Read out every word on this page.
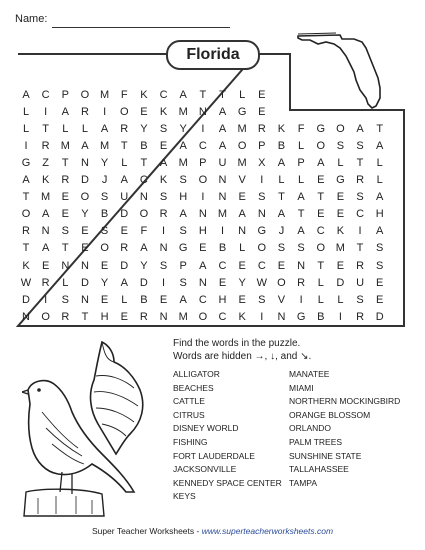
Name:
Florida
A	C	P	O M	F	K	C	A	T	T	L	E
L	I	A	R	I	O	E	K	M	N	A	G	E
L	T	L	L	A	R	Y	S	Y	I	A	M	R	K	F	G	O	A	T
I	R	M	A	M	T	B	E	A	C	A	O	P	B	L	O	S	S	A
G	Z	T	N	Y	L	T	A	M	P	U	M	X	A	P	A	L	T	L
A	K	R	D	J	A	C	K	S	O	N	V	I	L	L	E	G	R	L
T	M	E	O	S	U	N	S	H	I	N	E	S	T	A	T	E	S	A
O	A	E	Y	B	D	O	R	A	N	M	A	N	A	T	E	E	C	H
R	N	S	E	S	E	F	I	S	H	I	N	G	J	A	C	K	I	A
T	A	T	E	O	R	A	N	G	E	B	L	O	S	S	O M	T	S
K	E	N	N	E	D	Y	S	P	A	C	E	C	E	N	T	E	R	S
W R	L	D	Y	A	D	I	S	N	E	Y W O	R	L	D	U	E
D	I	S	N	E	L	B	E	A	C	H	E	S	V	I	L	L	S	E
N	O	R	T	H	E	R	N	M O	C	K	I	N	G	B	I	R	D
Find the words in the puzzle.
Words are hidden →, ↓, and ↘.
ALLIGATOR
BEACHES
CATTLE
CITRUS
DISNEY WORLD
FISHING
FORT LAUDERDALE
JACKSONVILLE
KENNEDY SPACE CENTER
KEYS
MANATEE
MIAMI
NORTHERN MOCKINGBIRD
ORANGE BLOSSOM
ORLANDO
PALM TREES
SUNSHINE STATE
TALLAHASSEE
TAMPA
Super Teacher Worksheets - www.superteacherworksheets.com
